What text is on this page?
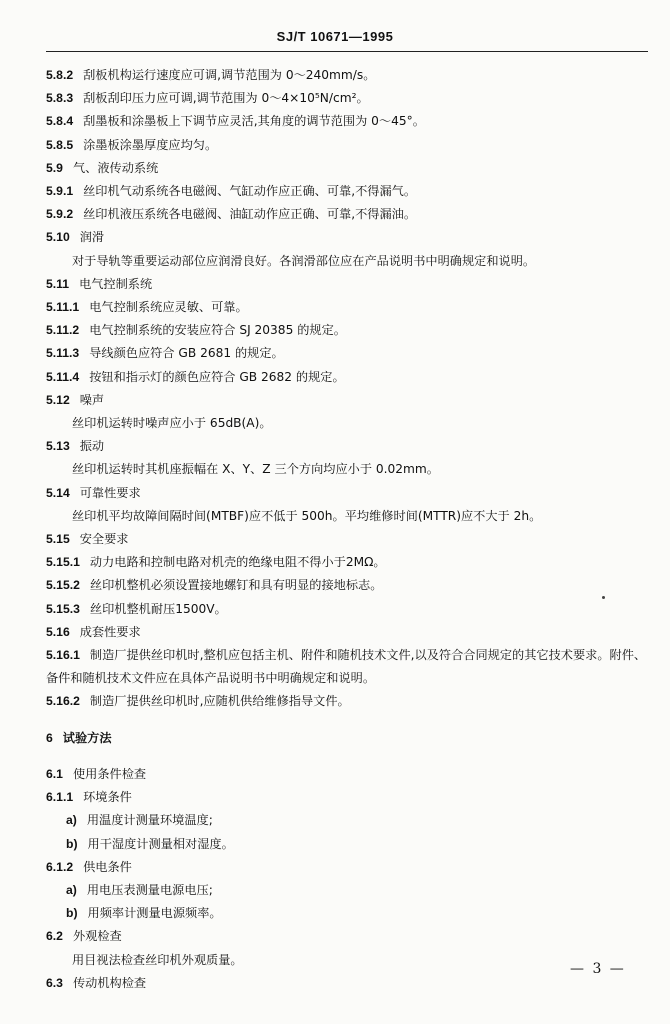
SJ/T 10671—1995
5.8.2 刮板机构运行速度应可调,调节范围为 0～240mm/s。
5.8.3 刮板刮印压力应可调,调节范围为 0～4×10⁵N/cm²。
5.8.4 刮墨板和涂墨板上下调节应灵活,其角度的调节范围为 0～45°。
5.8.5 涂墨板涂墨厚度应均匀。
5.9 气、液传动系统
5.9.1 丝印机气动系统各电磁阀、气缸动作应正确、可靠,不得漏气。
5.9.2 丝印机液压系统各电磁阀、油缸动作应正确、可靠,不得漏油。
5.10 润滑
对于导轨等重要运动部位应润滑良好。各润滑部位应在产品说明书中明确规定和说明。
5.11 电气控制系统
5.11.1 电气控制系统应灵敏、可靠。
5.11.2 电气控制系统的安装应符合 SJ 20385 的规定。
5.11.3 导线颜色应符合 GB 2681 的规定。
5.11.4 按钮和指示灯的颜色应符合 GB 2682 的规定。
5.12 噪声
丝印机运转时噪声应小于 65dB(A)。
5.13 振动
丝印机运转时其机座振幅在 X、Y、Z 三个方向均应小于 0.02mm。
5.14 可靠性要求
丝印机平均故障间隔时间(MTBF)应不低于 500h。平均维修时间(MTTR)应不大于 2h。
5.15 安全要求
5.15.1 动力电路和控制电路对机壳的绝缘电阻不得小于2MΩ。
5.15.2 丝印机整机必须设置接地螺钉和具有明显的接地标志。
5.15.3 丝印机整机耐压1500V。
5.16 成套性要求
5.16.1 制造厂提供丝印机时,整机应包括主机、附件和随机技术文件,以及符合合同规定的其它技术要求。附件、备件和随机技术文件应在具体产品说明书中明确规定和说明。
5.16.2 制造厂提供丝印机时,应随机供给维修指导文件。
6 试验方法
6.1 使用条件检查
6.1.1 环境条件
a) 用温度计测量环境温度;
b) 用干湿度计测量相对湿度。
6.1.2 供电条件
a) 用电压表测量电源电压;
b) 用频率计测量电源频率。
6.2 外观检查
用目视法检查丝印机外观质量。
6.3 传动机构检查
— 3 —
